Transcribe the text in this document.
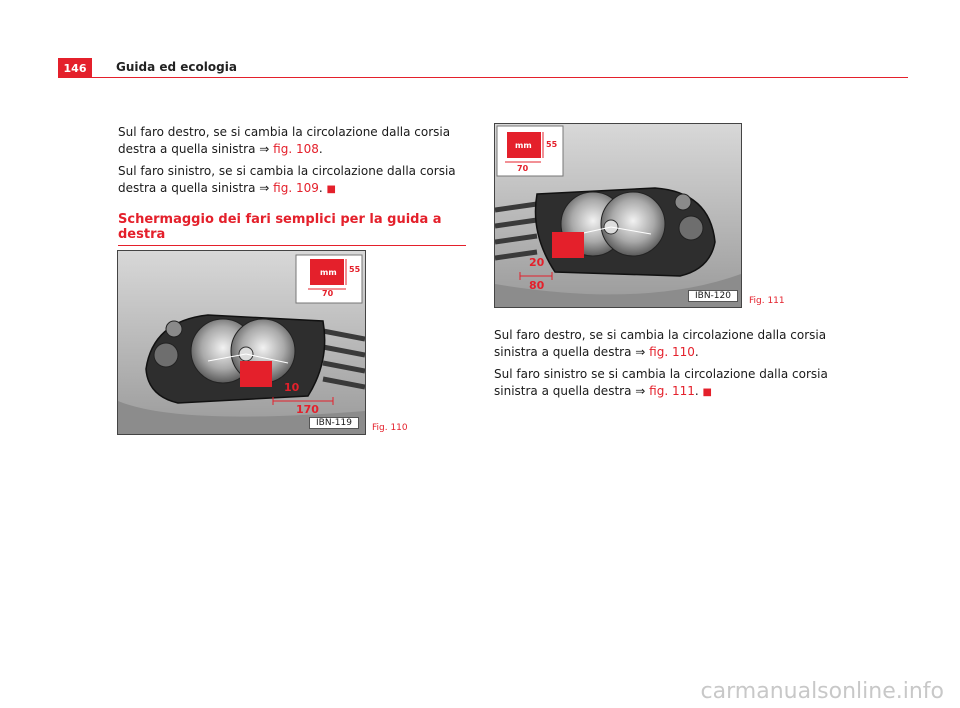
146	Guida ed ecologia

Sul faro destro, se si cambia la circolazione dalla corsia destra a quella sinistra ⇒ fig. 108.

Sul faro sinistro, se si cambia la circolazione dalla corsia destra a quella sinistra ⇒ fig. 109. ■

Schermaggio dei fari semplici per la guida a destra
mm 55
70
10
170
IBN-119	Fig. 110
mm 55
70
20
80
IBN-120	Fig. 111

Sul faro destro, se si cambia la circolazione dalla corsia sinistra a quella destra ⇒ fig. 110.

Sul faro sinistro se si cambia la circolazione dalla corsia sinistra a quella destra ⇒ fig. 111. ■

carmanualsonline.info
